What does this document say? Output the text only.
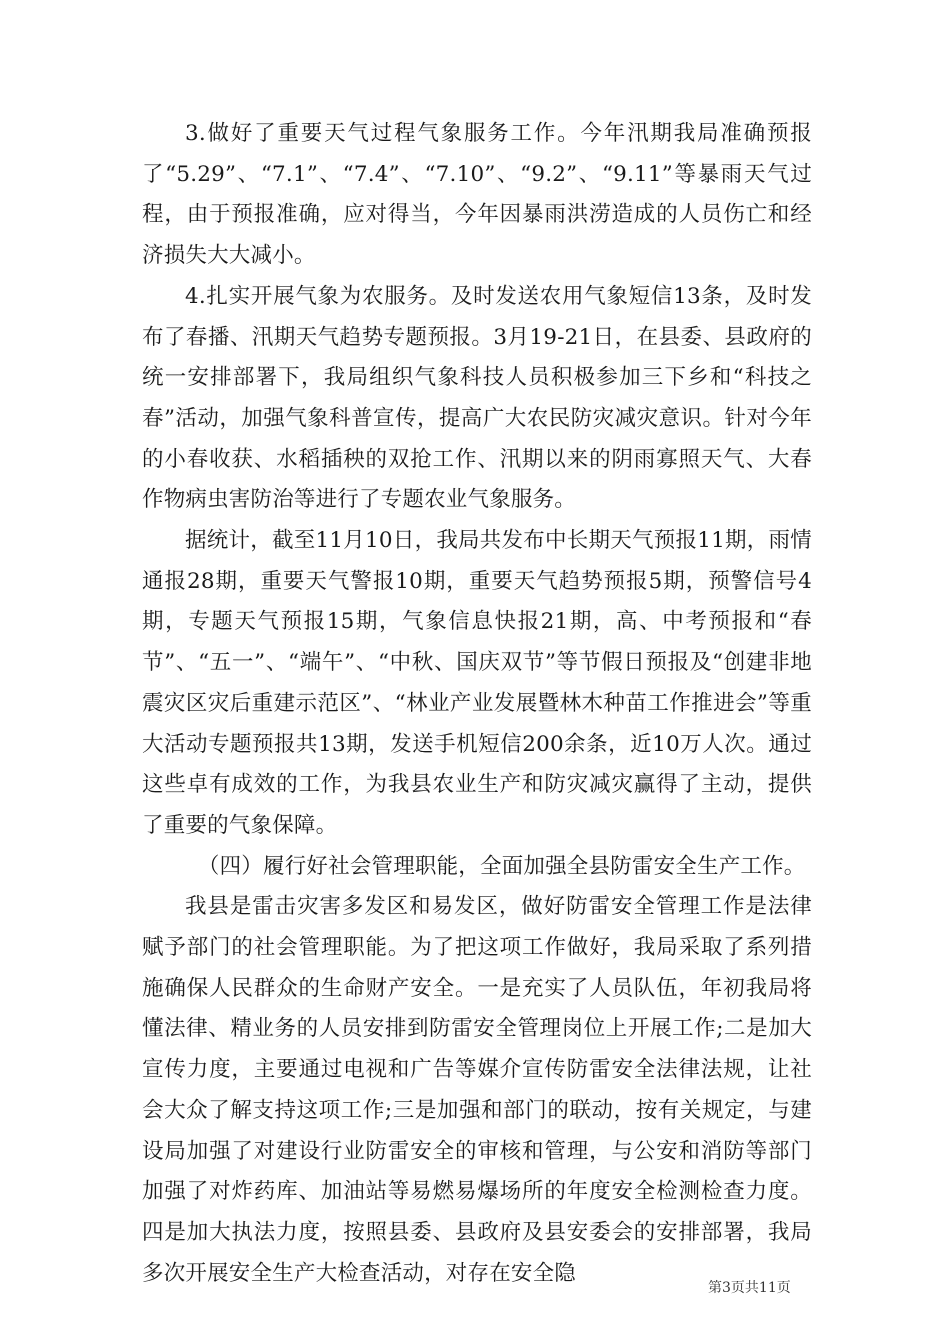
3.做好了重要天气过程气象服务工作。今年汛期我局准确预报了“5.29”、“7.1”、“7.4”、“7.10”、“9.2”、“9.11”等暴雨天气过程，由于预报准确，应对得当，今年因暴雨洪涝造成的人员伤亡和经济损失大大减小。

4.扎实开展气象为农服务。及时发送农用气象短信13条，及时发布了春播、汛期天气趋势专题预报。3月19-21日，在县委、县政府的统一安排部署下，我局组织气象科技人员积极参加三下乡和“科技之春”活动，加强气象科普宣传，提高广大农民防灾减灾意识。针对今年的小春收获、水稻插秧的双抢工作、汛期以来的阴雨寡照天气、大春作物病虫害防治等进行了专题农业气象服务。

据统计，截至11月10日，我局共发布中长期天气预报11期，雨情通报28期，重要天气警报10期，重要天气趋势预报5期，预警信号4期，专题天气预报15期，气象信息快报21期，高、中考预报和“春节”、“五一”、“端午”、“中秋、国庆双节”等节假日预报及“创建非地震灾区灾后重建示范区”、“林业产业发展暨林木种苗工作推进会”等重大活动专题预报共13期，发送手机短信200余条，近10万人次。通过这些卓有成效的工作，为我县农业生产和防灾减灾赢得了主动，提供了重要的气象保障。

（四）履行好社会管理职能，全面加强全县防雷安全生产工作。

我县是雷击灾害多发区和易发区，做好防雷安全管理工作是法律赋予部门的社会管理职能。为了把这项工作做好，我局采取了系列措施确保人民群众的生命财产安全。一是充实了人员队伍，年初我局将懂法律、精业务的人员安排到防雷安全管理岗位上开展工作;二是加大宣传力度，主要通过电视和广告等媒介宣传防雷安全法律法规，让社会大众了解支持这项工作;三是加强和部门的联动，按有关规定，与建设局加强了对建设行业防雷安全的审核和管理，与公安和消防等部门加强了对炸药库、加油站等易燃易爆场所的年度安全检测检查力度。四是加大执法力度，按照县委、县政府及县安委会的安排部署，我局多次开展安全生产大检查活动，对存在安全隐

第3页共11页
